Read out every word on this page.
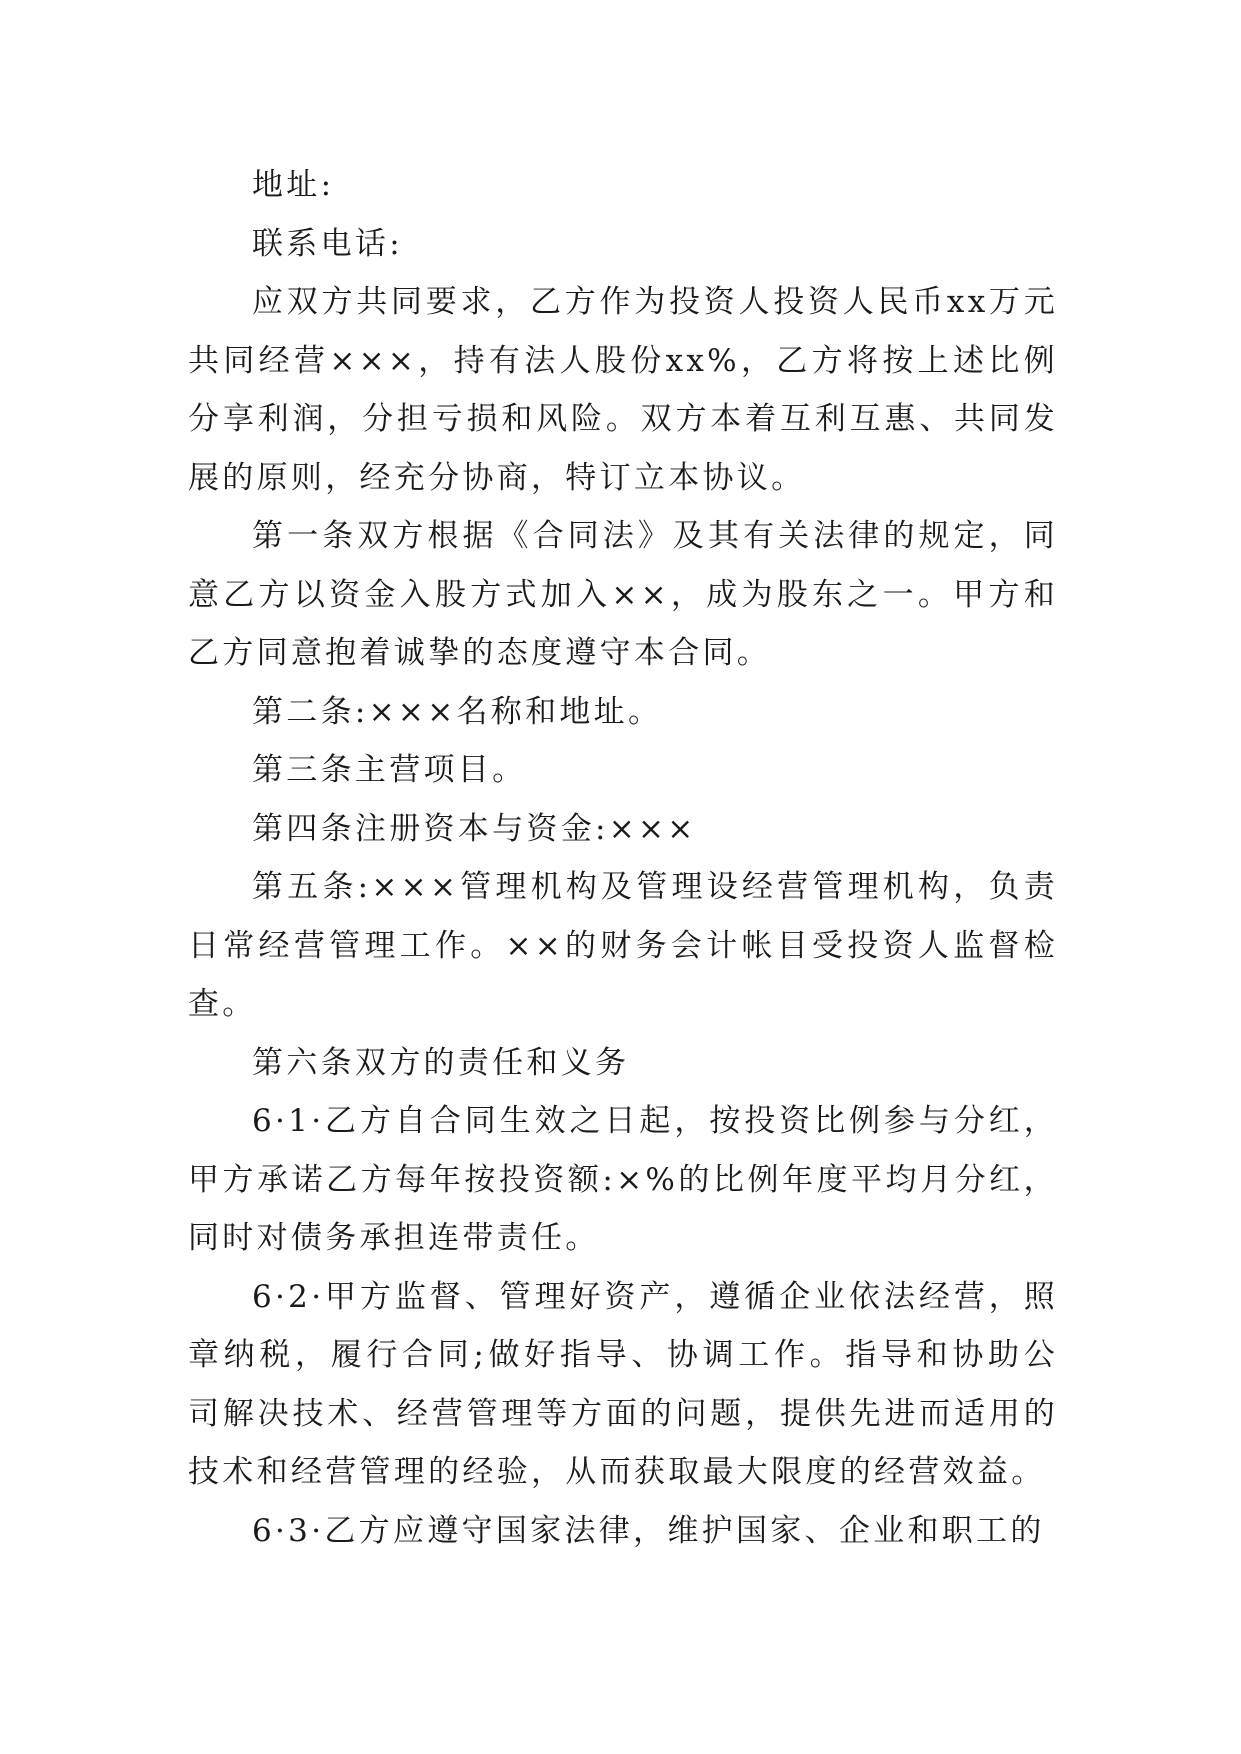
地址:

联系电话:

应双方共同要求，乙方作为投资人投资人民币xx万元共同经营×××，持有法人股份xx%，乙方将按上述比例分享利润，分担亏损和风险。双方本着互利互惠、共同发展的原则，经充分协商，特订立本协议。

第一条双方根据《合同法》及其有关法律的规定，同意乙方以资金入股方式加入××，成为股东之一。甲方和乙方同意抱着诚挚的态度遵守本合同。

第二条:×××名称和地址。

第三条主营项目。

第四条注册资本与资金:×××

第五条:×××管理机构及管理设经营管理机构，负责日常经营管理工作。××的财务会计帐目受投资人监督检查。

第六条双方的责任和义务

6·1·乙方自合同生效之日起，按投资比例参与分红，甲方承诺乙方每年按投资额:×%的比例年度平均月分红，同时对债务承担连带责任。

6·2·甲方监督、管理好资产，遵循企业依法经营，照章纳税，履行合同;做好指导、协调工作。指导和协助公司解决技术、经营管理等方面的问题，提供先进而适用的技术和经营管理的经验，从而获取最大限度的经营效益。

6·3·乙方应遵守国家法律，维护国家、企业和职工的
